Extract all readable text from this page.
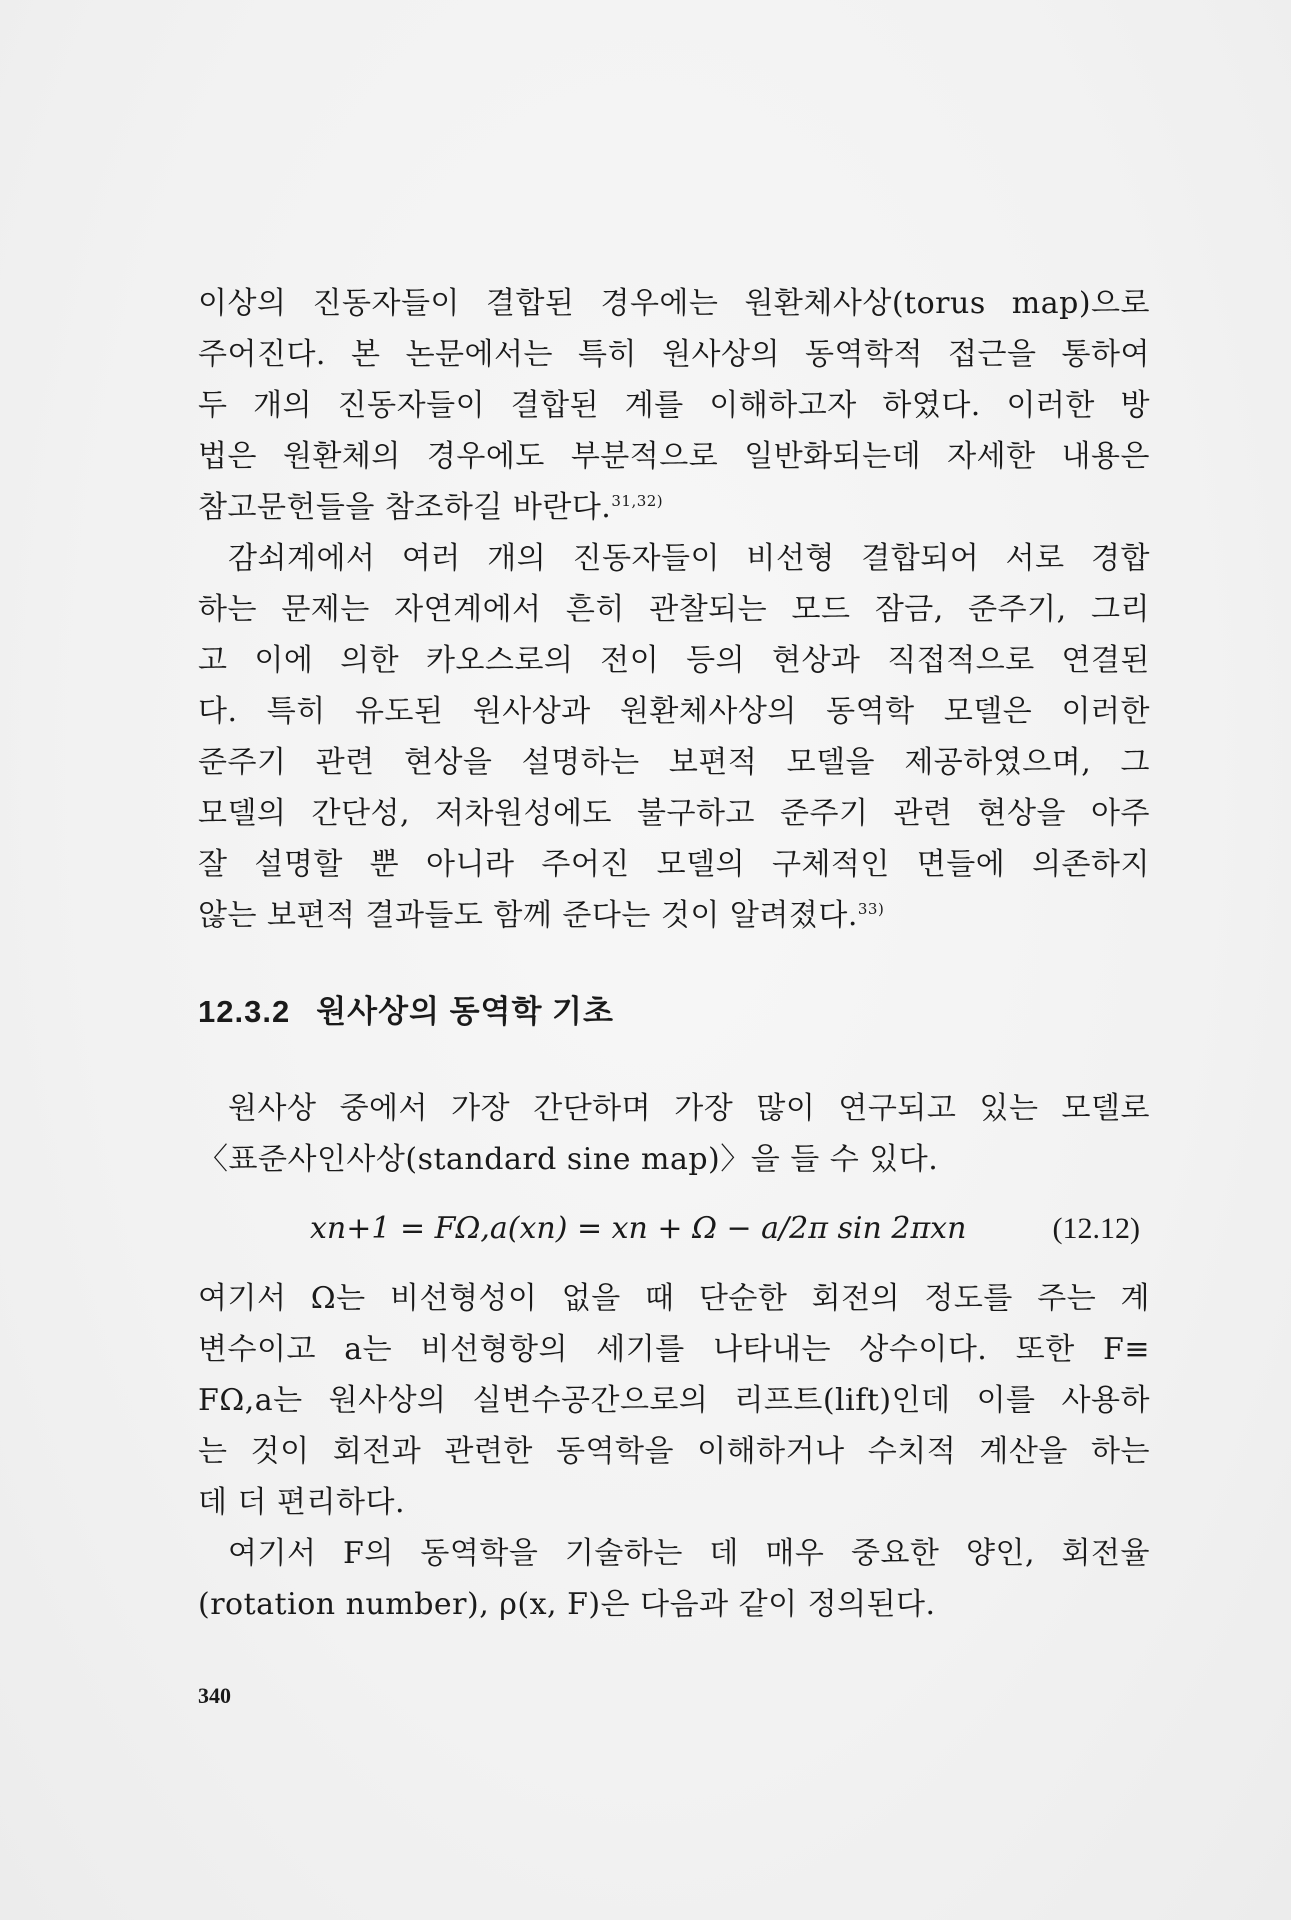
이상의 진동자들이 결합된 경우에는 원환체사상(torus map)으로

주어진다. 본 논문에서는 특히 원사상의 동역학적 접근을 통하여

두 개의 진동자들이 결합된 계를 이해하고자 하였다. 이러한 방

법은 원환체의 경우에도 부분적으로 일반화되는데 자세한 내용은

참고문헌들을 참조하길 바란다.$^{31,32)}$

감쇠계에서 여러 개의 진동자들이 비선형 결합되어 서로 경합

하는 문제는 자연계에서 흔히 관찰되는 모드 잠금, 준주기, 그리

고 이에 의한 카오스로의 전이 등의 현상과 직접적으로 연결된

다. 특히 유도된 원사상과 원환체사상의 동역학 모델은 이러한

준주기 관련 현상을 설명하는 보편적 모델을 제공하였으며, 그

모델의 간단성, 저차원성에도 불구하고 준주기 관련 현상을 아주

잘 설명할 뿐 아니라 주어진 모델의 구체적인 면들에 의존하지

않는 보편적 결과들도 함께 준다는 것이 알려졌다.$^{33)}$

12.3.2 원사상의 동역학 기초

원사상 중에서 가장 간단하며 가장 많이 연구되고 있는 모델로

〈표준사인사상(standard sine map)〉을 들 수 있다.

xn+1 = FΩ,a(xn) = xn + Ω − a/2π sin 2πxn	(12.12)

여기서 Ω는 비선형성이 없을 때 단순한 회전의 정도를 주는 계

변수이고 a는 비선형항의 세기를 나타내는 상수이다. 또한 F≡

FΩ,a는 원사상의 실변수공간으로의 리프트(lift)인데 이를 사용하

는 것이 회전과 관련한 동역학을 이해하거나 수치적 계산을 하는

데 더 편리하다.

여기서 F의 동역학을 기술하는 데 매우 중요한 양인, 회전율

(rotation number), ρ(x, F)은 다음과 같이 정의된다.

340
